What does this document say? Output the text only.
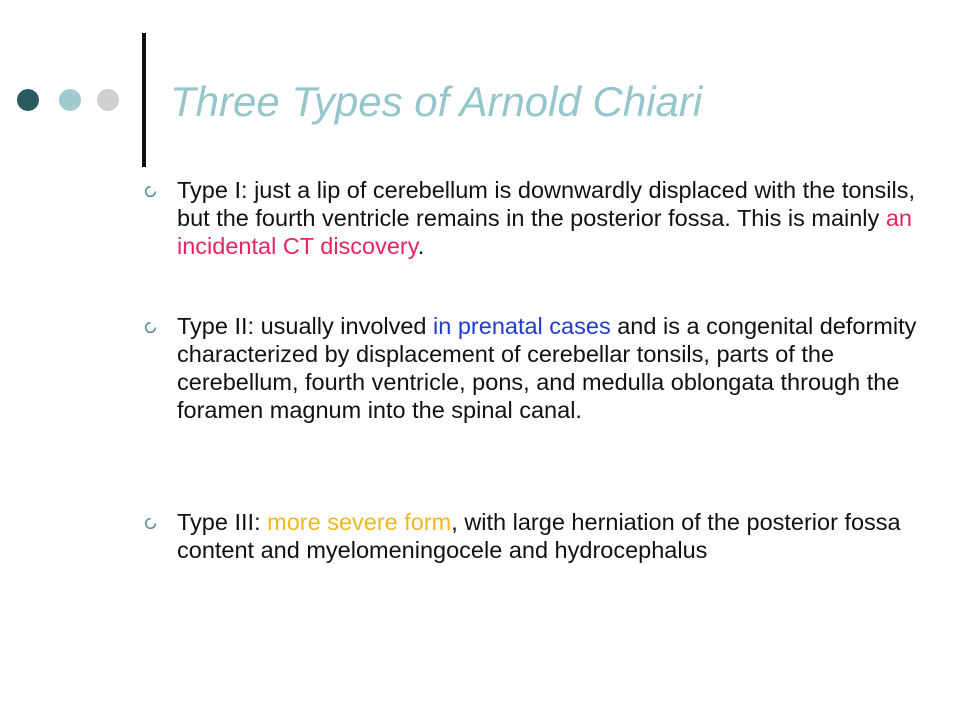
Three Types of Arnold Chiari
Type I: just a lip of cerebellum is downwardly displaced with the tonsils, but the fourth ventricle remains in the posterior fossa. This is mainly an incidental CT discovery.
Type II: usually involved in prenatal cases and is a congenital deformity characterized by displacement of cerebellar tonsils, parts of the cerebellum, fourth ventricle, pons, and medulla oblongata through the foramen magnum into the spinal canal.
Type III: more severe form, with large herniation of the posterior fossa content and myelomeningocele and hydrocephalus
